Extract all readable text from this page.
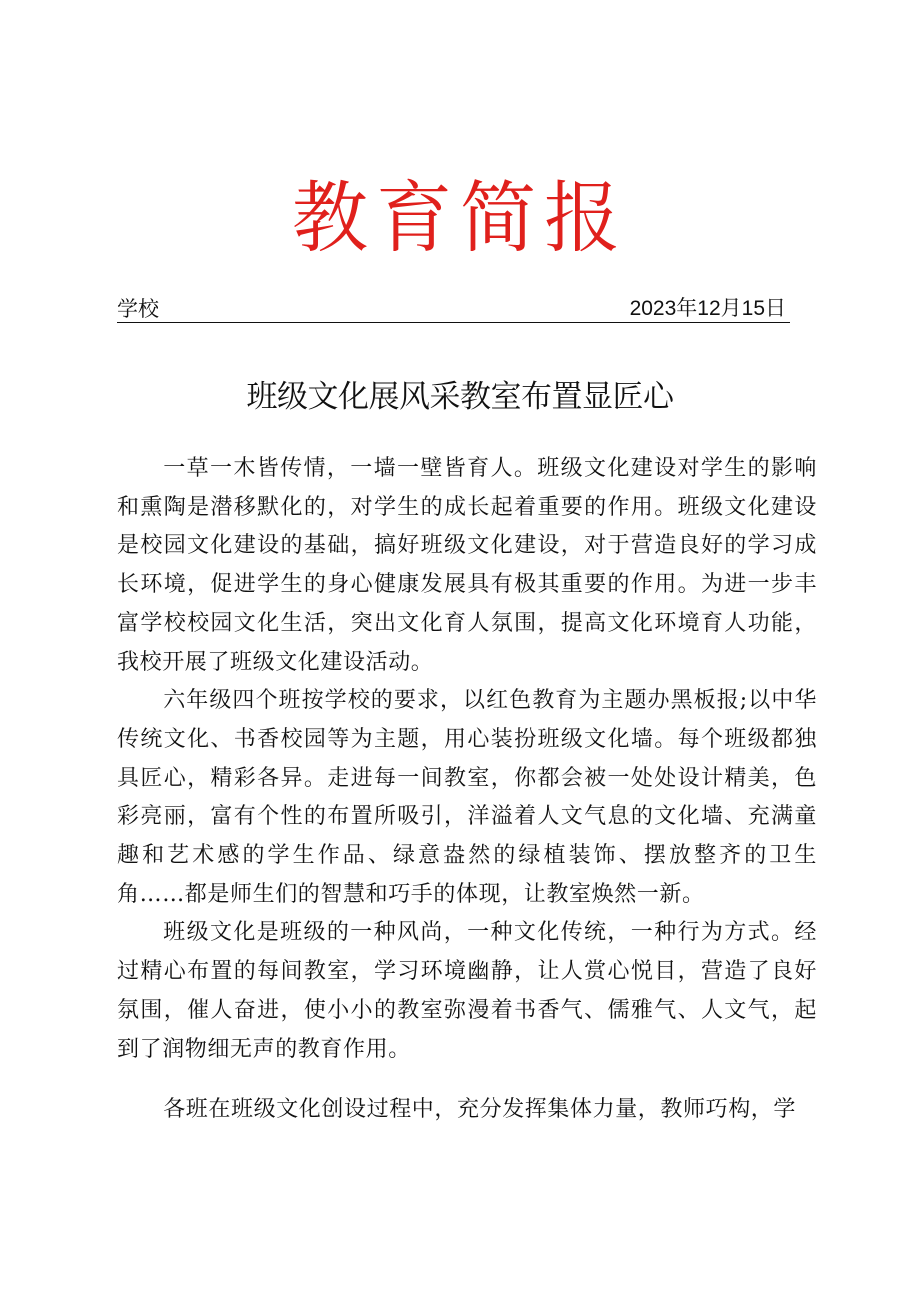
教育简报
学校	2023年12月15日
班级文化展风采教室布置显匠心

一草一木皆传情，一墙一壁皆育人。班级文化建设对学生的影响和熏陶是潜移默化的，对学生的成长起着重要的作用。班级文化建设是校园文化建设的基础，搞好班级文化建设，对于营造良好的学习成长环境，促进学生的身心健康发展具有极其重要的作用。为进一步丰富学校校园文化生活，突出文化育人氛围，提高文化环境育人功能，我校开展了班级文化建设活动。

六年级四个班按学校的要求，以红色教育为主题办黑板报;以中华传统文化、书香校园等为主题，用心装扮班级文化墙。每个班级都独具匠心，精彩各异。走进每一间教室，你都会被一处处设计精美，色彩亮丽，富有个性的布置所吸引，洋溢着人文气息的文化墙、充满童趣和艺术感的学生作品、绿意盎然的绿植装饰、摆放整齐的卫生角……都是师生们的智慧和巧手的体现，让教室焕然一新。

班级文化是班级的一种风尚，一种文化传统，一种行为方式。经过精心布置的每间教室，学习环境幽静，让人赏心悦目，营造了良好氛围，催人奋进，使小小的教室弥漫着书香气、儒雅气、人文气，起到了润物细无声的教育作用。

各班在班级文化创设过程中，充分发挥集体力量，教师巧构，学
